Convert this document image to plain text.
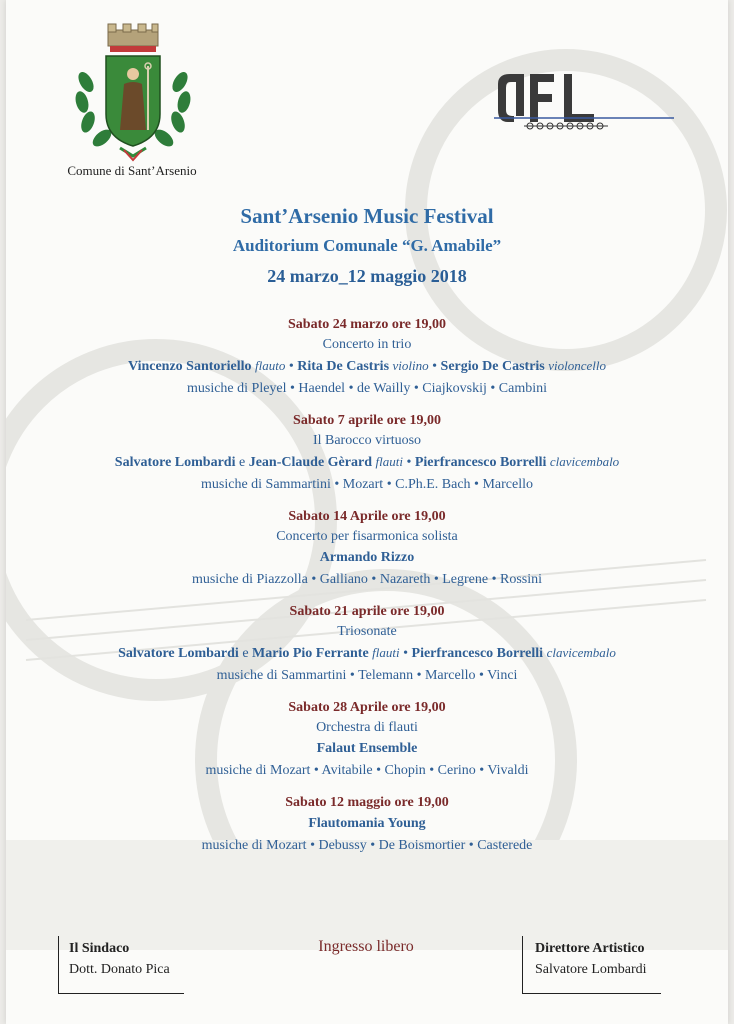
Comune di Sant’Arsenio
Sant’Arsenio Music Festival
Auditorium Comunale “G. Amabile”
24 marzo_12 maggio 2018
Sabato 24 marzo ore 19,00
Concerto in trio
Vincenzo Santoriello flauto • Rita De Castris violino • Sergio De Castris violoncello
musiche di Pleyel • Haendel • de Wailly • Ciajkovskij • Cambini
Sabato 7 aprile ore 19,00
Il Barocco virtuoso
Salvatore Lombardi e Jean-Claude Gèrard flauti • Pierfrancesco Borrelli clavicembalo
musiche di Sammartini • Mozart • C.Ph.E. Bach • Marcello
Sabato 14 Aprile ore 19,00
Concerto per fisarmonica solista
Armando Rizzo
musiche di Piazzolla • Galliano • Nazareth • Legrene • Rossini
Sabato 21 aprile ore 19,00
Triosonate
Salvatore Lombardi e Mario Pio Ferrante flauti • Pierfrancesco Borrelli clavicembalo
musiche di Sammartini • Telemann • Marcello • Vinci
Sabato 28 Aprile ore 19,00
Orchestra di flauti
Falaut Ensemble
musiche di Mozart • Avitabile • Chopin • Cerino • Vivaldi
Sabato 12 maggio ore 19,00
Flautomania Young
musiche di Mozart • Debussy • De Boismortier • Casterede
Il Sindaco
Dott. Donato Pica
Ingresso libero	Direttore Artistico
Salvatore Lombardi
